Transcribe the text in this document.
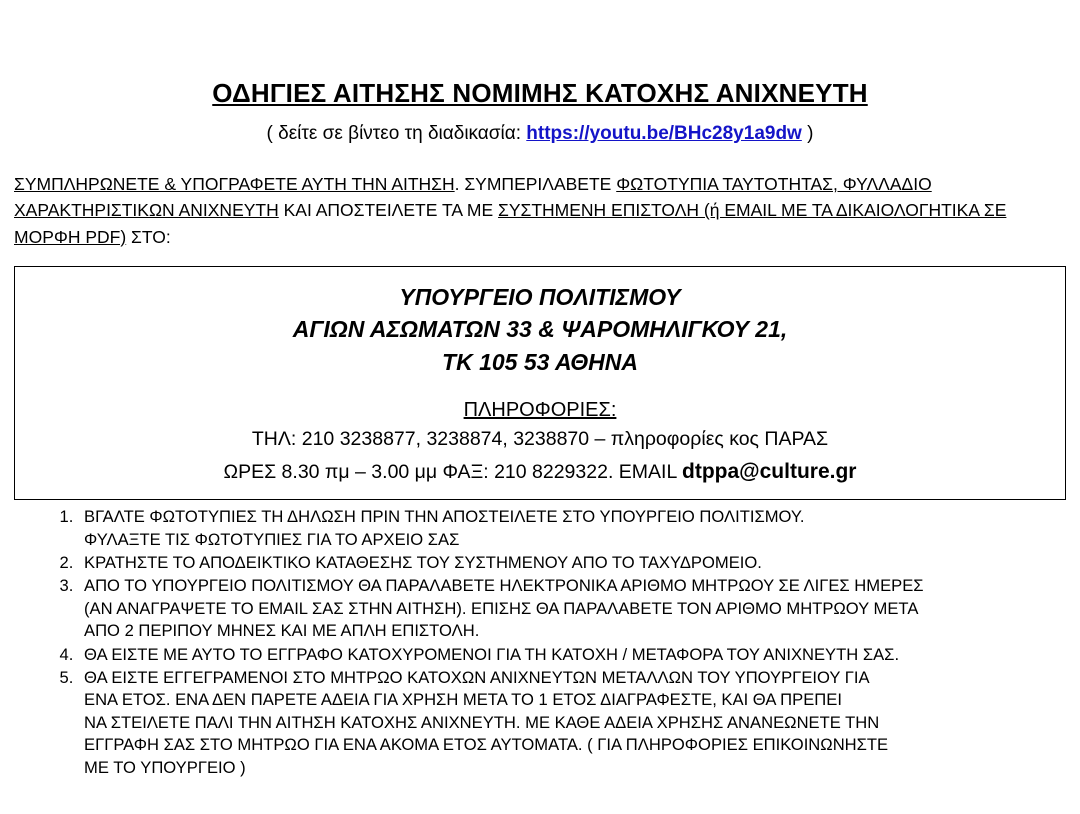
ΟΔΗΓΙΕΣ ΑΙΤΗΣΗΣ ΝΟΜΙΜΗΣ ΚΑΤΟΧΗΣ ΑΝΙΧΝΕΥΤΗ
( δείτε σε βίντεο τη διαδικασία: https://youtu.be/BHc28y1a9dw )
ΣΥΜΠΛΗΡΩΝΕΤΕ & ΥΠΟΓΡΑΦΕΤΕ ΑΥΤΗ ΤΗΝ ΑΙΤΗΣΗ. ΣΥΜΠΕΡΙΛΑΒΕΤΕ ΦΩΤΟΤΥΠΙΑ ΤΑΥΤΟΤΗΤΑΣ, ΦΥΛΛΑΔΙΟ ΧΑΡΑΚΤΗΡΙΣΤΙΚΩΝ ΑΝΙΧΝΕΥΤΗ ΚΑΙ ΑΠΟΣΤΕΙΛΕΤΕ ΤΑ ΜΕ ΣΥΣΤΗΜΕΝΗ ΕΠΙΣΤΟΛΗ (ή EMAIL ΜΕ ΤΑ ΔΙΚΑΙΟΛΟΓΗΤΙΚΑ ΣΕ ΜΟΡΦΗ PDF) ΣΤΟ:
ΥΠΟΥΡΓΕΙΟ ΠΟΛΙΤΙΣΜΟΥ
ΑΓΙΩΝ ΑΣΩΜΑΤΩΝ 33 & ΨΑΡΟΜΗΛΙΓΚΟΥ 21,
ΤΚ 105 53 ΑΘΗΝΑ
ΠΛΗΡΟΦΟΡΙΕΣ:
ΤΗΛ: 210 3238877, 3238874, 3238870 – πληροφορίες κος ΠΑΡΑΣ
ΩΡΕΣ 8.30 πμ – 3.00 μμ ΦΑΞ: 210 8229322. EMAIL dtppa@culture.gr
1. ΒΓΑΛΤΕ ΦΩΤΟΤΥΠΙΕΣ ΤΗ ΔΗΛΩΣΗ ΠΡΙΝ ΤΗΝ ΑΠΟΣΤΕΙΛΕΤΕ ΣΤΟ ΥΠΟΥΡΓΕΙΟ ΠΟΛΙΤΙΣΜΟΥ.
ΦΥΛΑΞΤΕ ΤΙΣ ΦΩΤΟΤΥΠΙΕΣ ΓΙΑ ΤΟ ΑΡΧΕΙΟ ΣΑΣ
2. ΚΡΑΤΗΣΤΕ ΤΟ ΑΠΟΔΕΙΚΤΙΚΟ ΚΑΤΑΘΕΣΗΣ ΤΟΥ ΣΥΣΤΗΜΕΝΟΥ ΑΠΟ ΤΟ ΤΑΧΥΔΡΟΜΕΙΟ.
3. ΑΠΟ ΤΟ ΥΠΟΥΡΓΕΙΟ ΠΟΛΙΤΙΣΜΟΥ ΘΑ ΠΑΡΑΛΑΒΕΤΕ ΗΛΕΚΤΡΟΝΙΚΑ ΑΡΙΘΜΟ ΜΗΤΡΩΟΥ ΣΕ ΛΙΓΕΣ ΗΜΕΡΕΣ
(ΑΝ ΑΝΑΓΡΑΨΕΤΕ ΤΟ EMAIL ΣΑΣ ΣΤΗΝ ΑΙΤΗΣΗ). ΕΠΙΣΗΣ ΘΑ ΠΑΡΑΛΑΒΕΤΕ ΤΟΝ ΑΡΙΘΜΟ ΜΗΤΡΩΟΥ ΜΕΤΑ
ΑΠΟ 2 ΠΕΡΙΠΟΥ ΜΗΝΕΣ ΚΑΙ ΜΕ ΑΠΛΗ ΕΠΙΣΤΟΛΗ.
4. ΘΑ ΕΙΣΤΕ ΜΕ ΑΥΤΟ ΤΟ ΕΓΓΡΑΦΟ ΚΑΤΟΧΥΡΟΜΕΝΟΙ ΓΙΑ ΤΗ ΚΑΤΟΧΗ / ΜΕΤΑΦΟΡΑ ΤΟΥ ΑΝΙΧΝΕΥΤΗ ΣΑΣ.
5. ΘΑ ΕΙΣΤΕ ΕΓΓΕΓΡΑΜΕΝΟΙ ΣΤΟ ΜΗΤΡΩΟ ΚΑΤΟΧΩΝ ΑΝΙΧΝΕΥΤΩΝ ΜΕΤΑΛΛΩΝ ΤΟΥ ΥΠΟΥΡΓΕΙΟΥ ΓΙΑ
ΕΝΑ ΕΤΟΣ. ΕΝΑ ΔΕΝ ΠΑΡΕΤΕ ΑΔΕΙΑ ΓΙΑ ΧΡΗΣΗ ΜΕΤΑ ΤΟ 1 ΕΤΟΣ ΔΙΑΓΡΑΦΕΣΤΕ, ΚΑΙ ΘΑ ΠΡΕΠΕΙ
ΝΑ ΣΤΕΙΛΕΤΕ ΠΑΛΙ ΤΗΝ ΑΙΤΗΣΗ ΚΑΤΟΧΗΣ ΑΝΙΧΝΕΥΤΗ. ΜΕ ΚΑΘΕ ΑΔΕΙΑ ΧΡΗΣΗΣ ΑΝΑΝΕΩΝΕΤΕ ΤΗΝ
ΕΓΓΡΑΦΗ ΣΑΣ ΣΤΟ ΜΗΤΡΩΟ ΓΙΑ ΕΝΑ ΑΚΟΜΑ ΕΤΟΣ ΑΥΤΟΜΑΤΑ. ( ΓΙΑ ΠΛΗΡΟΦΟΡΙΕΣ ΕΠΙΚΟΙΝΩΝΗΣΤΕ
ΜΕ ΤΟ ΥΠΟΥΡΓΕΙΟ )
